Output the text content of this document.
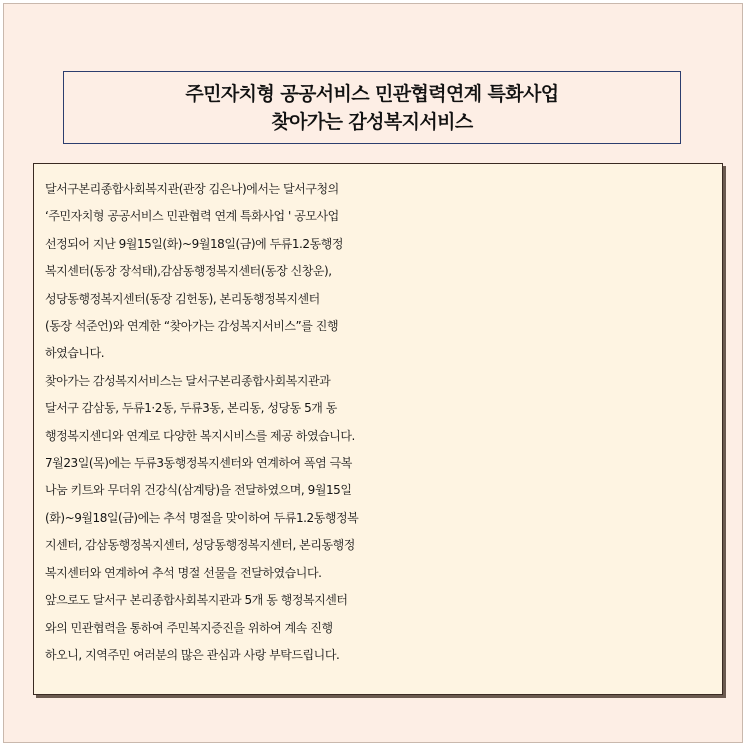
주민자치형 공공서비스 민관협력연계 특화사업
찾아가는 감성복지서비스
달서구본리종합사회복지관(관장 김은나)에서는 달서구청의
‘주민자치형 공공서비스 민관협력 연계 특화사업 ' 공모사업
선정되어 지난 9월15일(화)~9월18일(금)에 두류1.2동행정
복지센터(동장 장석태),감삼동행정복지센터(동장 신창운),
성당동행정복지센터(동장 김헌동), 본리동행정복지센터
(동장 석준언)와 연계한 “찾아가는 감성복지서비스”를 진행
하였습니다.
찾아가는 감성복지서비스는 달서구본리종합사회복지관과
달서구 감삼동, 두류1·2동, 두류3동, 본리동, 성당동 5개 동
행정복지센디와 연계로 다양한 복지시비스를 제공 하였습니다.
7월23일(목)에는 두류3동행정복지센터와 연계하여 폭염 극복
나눔 키트와 무더위 건강식(삼계탕)을 전달하였으며, 9월15일
(화)~9월18일(금)에는 추석 명절을 맞이하여 두류1.2동행정복
지센터, 감삼동행정복지센터, 성당동행정복지센터, 본리동행정
복지센터와 연계하여 추석 명절 선물을 전달하였습니다.
앞으로도 달서구 본리종합사회복지관과 5개 동 행정복지센터
와의 민관협력을 통하여 주민복지증진을 위하여 계속 진행
하오니, 지역주민 여러분의 많은 관심과 사랑 부탁드립니다.
